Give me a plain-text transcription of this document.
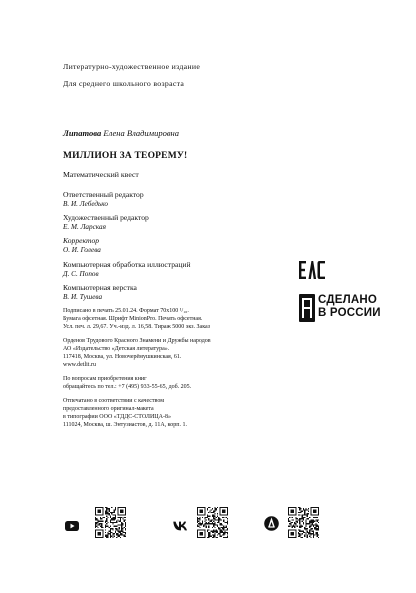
Литературно-художественное издание
Для среднего школьного возраста
Липатова Елена Владимировна
МИЛЛИОН ЗА ТЕОРЕМУ!
Математический квест
Ответственный редактор
В. И. Лебедько
Художественный редактор
Е. М. Ларская
Корректор
О. И. Голева
Компьютерная обработка иллюстраций
Д. С. Попов
Компьютерная верстка
В. И. Тушева
Подписано в печать 25.01.24. Формат 70x100 ¹/₁₆.
Бумага офсетная. Шрифт MinionPro. Печать офсетная.
Усл. печ. л. 29,67. Уч.-изд. л. 16,58. Тираж 5000 экз. Заказ
Орденов Трудового Красного Знамени и Дружбы народов
АО «Издательство «Детская литература».
117418, Москва, ул. Новочерёмушкинская, 61.
www.detlit.ru
По вопросам приобретения книг
обращайтесь по тел.: +7 (495) 933-55-65, доб. 205.
Отпечатано в соответствии с качеством
предоставленного оригинал-макета
в типографии ООО «ТДДС-СТОЛИЦА-8»
111024, Москва, ш. Энтузиастов, д. 11А, корп. 1.
СДЕЛАНО
В РОССИИ
